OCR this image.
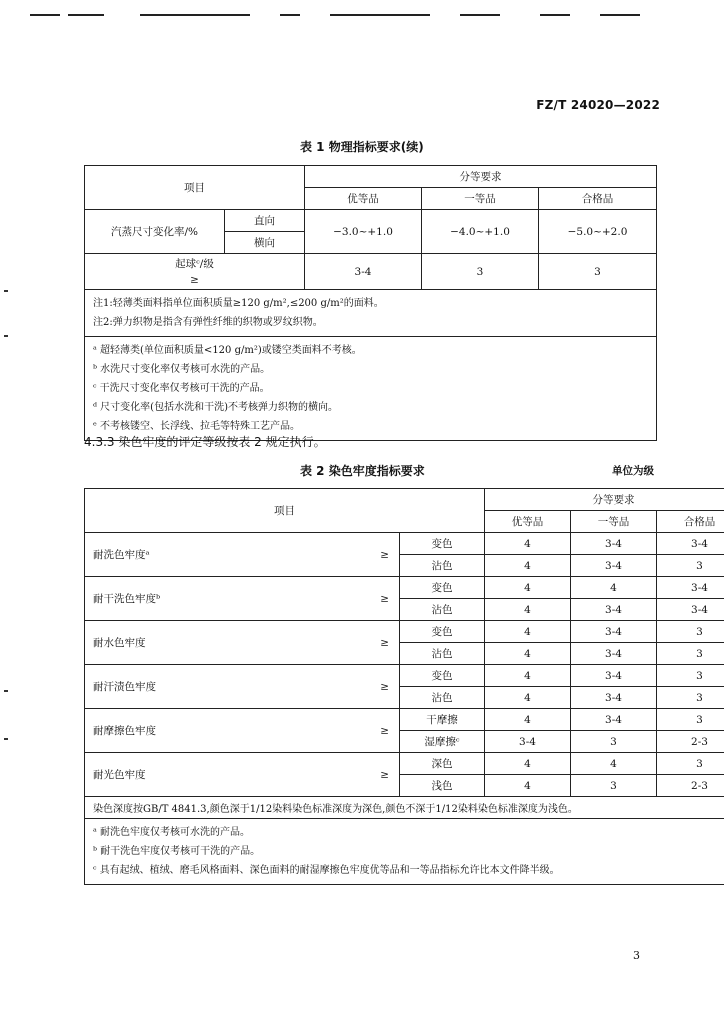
FZ/T 24020—2022
表 1 物理指标要求(续)
项目		分等要求		
		优等品	一等品	合格品
汽蒸尺寸变化率/%	直向	−3.0~+1.0	−4.0~+1.0	−5.0~+2.0
	横向			

起球ᶜ/级
≥		3-4	3	3

注1:轻薄类面料指单位面积质量≥120 g/m²,≤200 g/m²的面料。
注2:弹力织物是指含有弹性纤维的织物或罗纹织物。				

ᵃ 超轻薄类(单位面积质量<120 g/m²)或镂空类面料不考核。
ᵇ 水洗尺寸变化率仅考核可水洗的产品。
ᶜ 干洗尺寸变化率仅考核可干洗的产品。
ᵈ 尺寸变化率(包括水洗和干洗)不考核弹力织物的横向。
ᵉ 不考核镂空、长浮线、拉毛等特殊工艺产品。				
4.3.3 染色牢度的评定等级按表 2 规定执行。
表 2 染色牢度指标要求	单位为级
项目		分等要求		
		优等品	一等品	合格品
耐洗色牢度ᵃ ≥	变色	4	3-4	3-4
	沾色	4	3-4	3
耐干洗色牢度ᵇ ≥	变色	4	4	3-4
	沾色	4	3-4	3-4
耐水色牢度 ≥	变色	4	3-4	3
	沾色	4	3-4	3
耐汗渍色牢度 ≥	变色	4	3-4	3
	沾色	4	3-4	3
耐摩擦色牢度 ≥	干摩擦	4	3-4	3
	湿摩擦ᶜ	3-4	3	2-3
耐光色牢度 ≥	深色	4	4	3
	浅色	4	3	2-3
染色深度按GB/T 4841.3,颜色深于1/12染料染色标准深度为深色,颜色不深于1/12染料染色标准深度为浅色。				

ᵃ 耐洗色牢度仅考核可水洗的产品。
ᵇ 耐干洗色牢度仅考核可干洗的产品。
ᶜ 具有起绒、植绒、磨毛风格面料、深色面料的耐湿摩擦色牢度优等品和一等品指标允许比本文件降半级。				
3
